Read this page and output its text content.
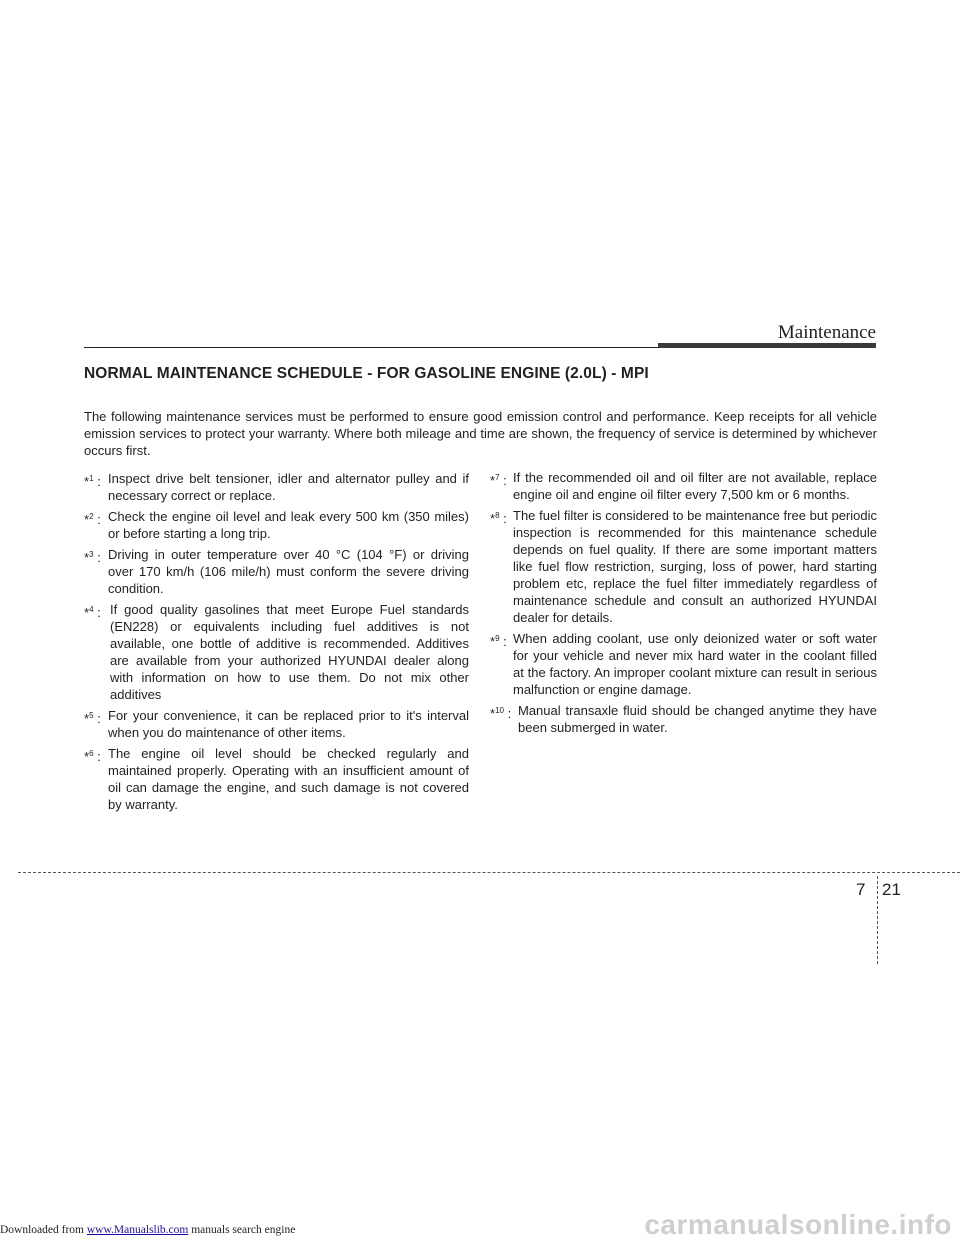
Maintenance
NORMAL MAINTENANCE SCHEDULE - FOR GASOLINE ENGINE (2.0L) - MPI
The following maintenance services must be performed to ensure good emission control and performance. Keep receipts for all vehicle emission services to protect your warranty. Where both mileage and time are shown, the frequency of service is determined by whichever occurs first.
*$^1$ : Inspect drive belt tensioner, idler and alternator pulley and if necessary correct or replace.
*$^2$ : Check the engine oil level and leak every 500 km (350 miles) or before starting a long trip.
*$^3$ : Driving in outer temperature over 40 °C (104 °F) or driving over 170 km/h (106 mile/h) must conform the severe driving condition.
*$^4$ : If good quality gasolines that meet Europe Fuel standards (EN228) or equivalents including fuel additives is not available, one bottle of additive is recommended. Additives are available from your authorized HYUNDAI dealer along with information on how to use them. Do not mix other additives
*$^5$ : For your convenience, it can be replaced prior to it's interval when you do maintenance of other items.
*$^6$ : The engine oil level should be checked regularly and maintained properly. Operating with an insufficient amount of oil can damage the engine, and such damage is not covered by warranty.
*$^7$ : If the recommended oil and oil filter are not available, replace engine oil and engine oil filter every 7,500 km or 6 months.
*$^8$ : The fuel filter is considered to be maintenance free but periodic inspection is recommended for this maintenance schedule depends on fuel quality. If there are some important matters like fuel flow restriction, surging, loss of power, hard starting problem etc, replace the fuel filter immediately regardless of maintenance schedule and consult an authorized HYUNDAI dealer for details.
*$^9$ : When adding coolant, use only deionized water or soft water for your vehicle and never mix hard water in the coolant filled at the factory. An improper coolant mixture can result in serious malfunction or engine damage.
*$^{10}$ : Manual transaxle fluid should be changed anytime they have been submerged in water.
7 21
Downloaded from www.Manualslib.com manuals search engine	carmanualsonline.info
